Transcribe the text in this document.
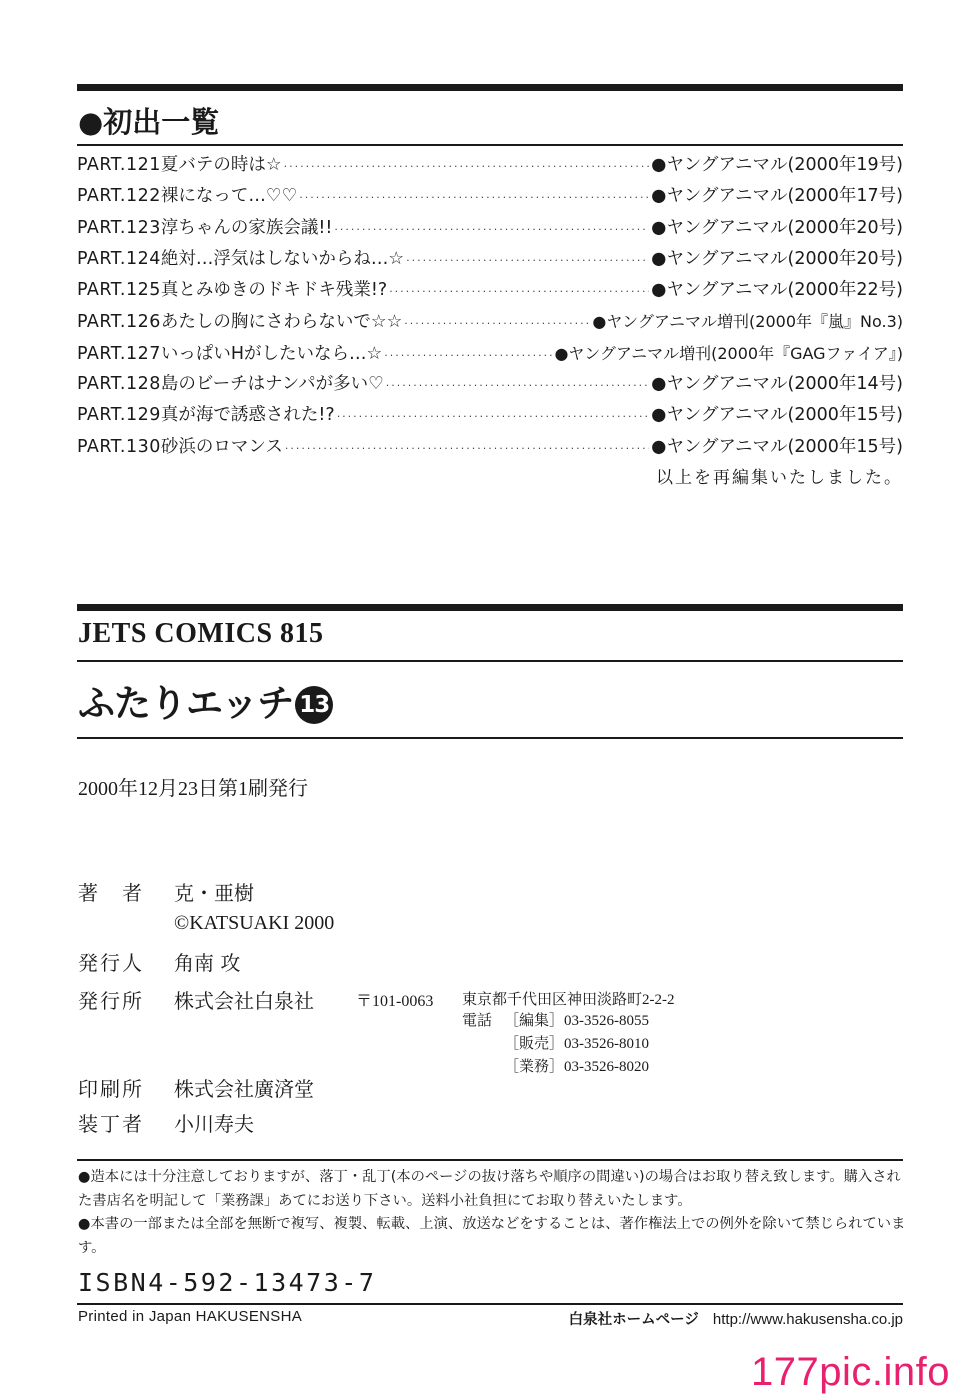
●初出一覧
PART.121 夏バテの時は☆ ·····	●ヤングアニマル(2000年19号)
PART.122 裸になって…♡♡ ·····	●ヤングアニマル(2000年17号)
PART.123 淳ちゃんの家族会議!! ·····	●ヤングアニマル(2000年20号)
PART.124 絶対…浮気はしないからね…☆ ·····	●ヤングアニマル(2000年20号)
PART.125 真とみゆきのドキドキ残業!? ·····	●ヤングアニマル(2000年22号)
PART.126 あたしの胸にさわらないで☆☆ ·····	●ヤングアニマル増刊(2000年『嵐』No.3)
PART.127 いっぱいHがしたいなら…☆ ·····	●ヤングアニマル増刊(2000年『GAGファイア』)
PART.128 島のビーチはナンパが多い♡ ·····	●ヤングアニマル(2000年14号)
PART.129 真が海で誘惑された!? ·····	●ヤングアニマル(2000年15号)
PART.130 砂浜のロマンス ·····	●ヤングアニマル(2000年15号)
以上を再編集いたしました。
JETS COMICS 815
ふたりエッチ 13
2000年12月23日第1刷発行
著　者 克・亜樹
©KATSUAKI 2000
発行人 角南 攻
発行所 株式会社白泉社	〒101-0063 東京都千代田区神田淡路町2-2-2
電話 ［編集］03-3526-8055
［販売］03-3526-8010
［業務］03-3526-8020
印刷所 株式会社廣済堂
装丁者 小川寿夫

●造本には十分注意しておりますが、落丁・乱丁(本のページの抜け落ちや順序の間違い)の場合はお取り替え致します。購入された書店名を明記して「業務課」あてにお送り下さい。送料小社負担にてお取り替えいたします。

●本書の一部または全部を無断で複写、複製、転載、上演、放送などをすることは、著作権法上での例外を除いて禁じられています。

ISBN4-592-13473-7
Printed in Japan HAKUSENSHA	白泉社ホームページ http://www.hakusensha.co.jp
177pic.info
